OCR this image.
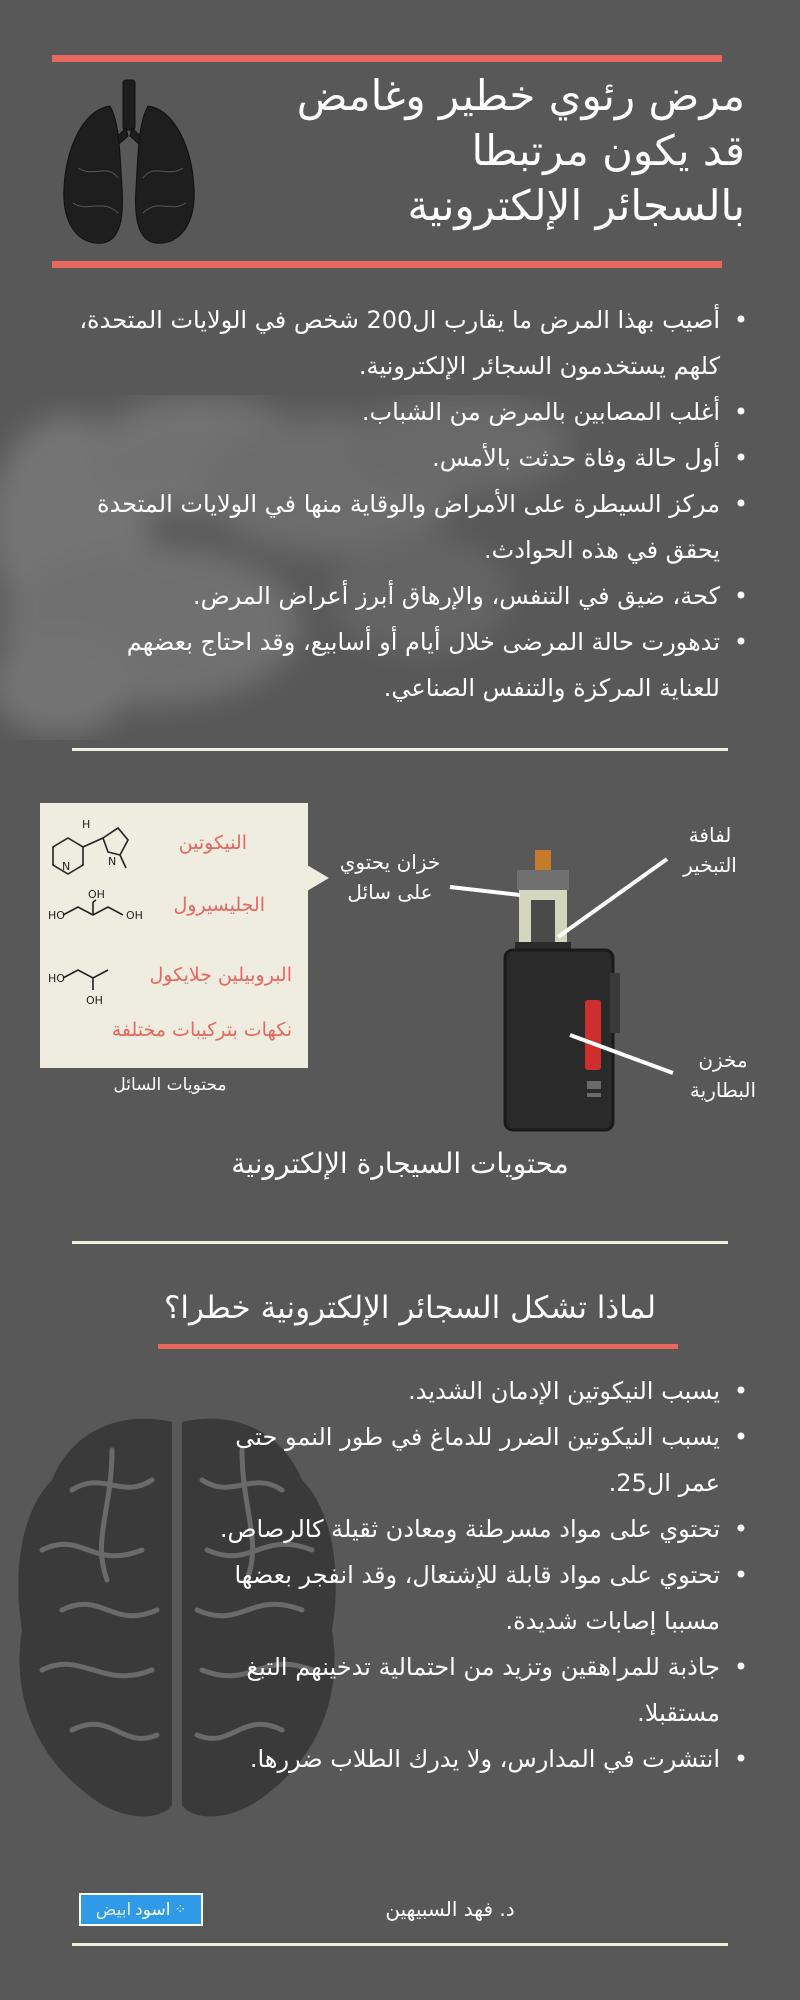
مرض رئوي خطير وغامض
قد يكون مرتبطا
بالسجائر الإلكترونية
• أصيب بهذا المرض ما يقارب ال200 شخص في الولايات المتحدة، كلهم يستخدمون السجائر الإلكترونية.
• أغلب المصابين بالمرض من الشباب.
• أول حالة وفاة حدثت بالأمس.
• مركز السيطرة على الأمراض والوقاية منها في الولايات المتحدة يحقق في هذه الحوادث.
• كحة، ضيق في التنفس، والإرهاق أبرز أعراض المرض.
• تدهورت حالة المرضى خلال أيام أو أسابيع، وقد احتاج بعضهم للعناية المركزة والتنفس الصناعي.
H
N
N
HO
OH
OH
HO
OH
النيكوتين
الجليسيرول
البروبيلين جلايكول
نكهات بتركيبات مختلفة
محتويات السائل
خزان يحتوي
على سائل
لفافة
التبخير
مخزن
البطارية
محتويات السيجارة الإلكترونية
لماذا تشكل السجائر الإلكترونية خطرا؟
• يسبب النيكوتين الإدمان الشديد.
• يسبب النيكوتين الضرر للدماغ في طور النمو حتى عمر ال25.
• تحتوي على مواد مسرطنة ومعادن ثقيلة كالرصاص.
• تحتوي على مواد قابلة للإشتعال، وقد انفجر بعضها مسببا إصابات شديدة.
• جاذبة للمراهقين وتزيد من احتمالية تدخينهم التبغ مستقبلا.
• انتشرت في المدارس، ولا يدرك الطلاب ضررها.
ابيض اسود ⁘	د. فهد السبيهين
